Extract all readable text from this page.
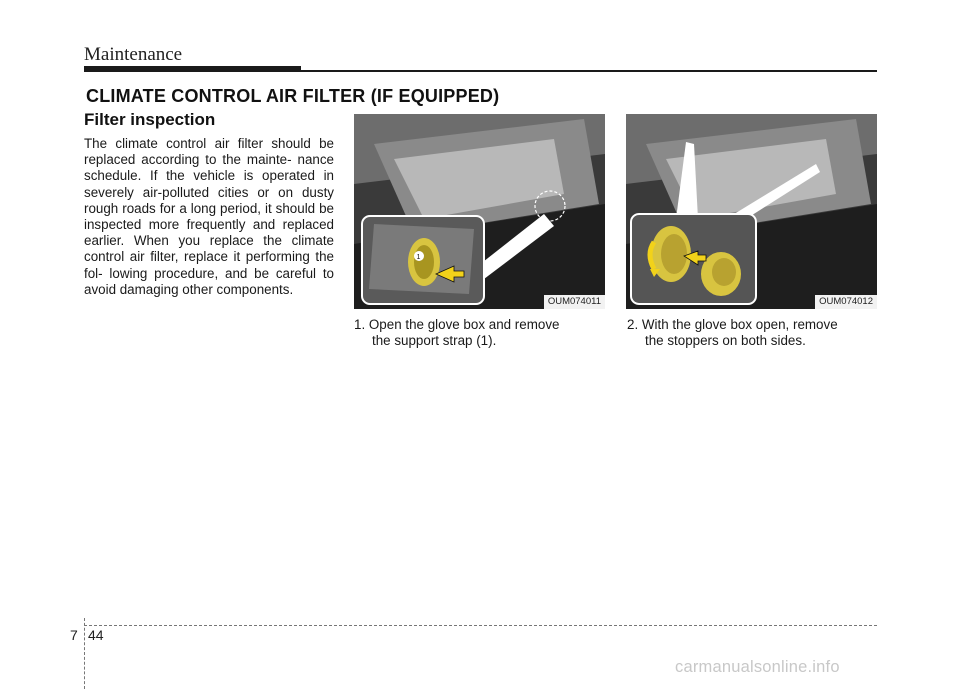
Maintenance
CLIMATE CONTROL AIR FILTER (IF EQUIPPED)
Filter inspection
The climate control air filter should be replaced according to the mainte- nance schedule. If the vehicle is operated in severely air-polluted cities or on dusty rough roads for a long period, it should be inspected more frequently and replaced earlier. When you replace the climate control air filter, replace it performing the fol- lowing procedure, and be careful to avoid damaging other components.
1
OUM074011	OUM074012
1. Open the glove box and remove
the support strap (1).
2. With the glove box open, remove
the stoppers on both sides.
7 44
carmanualsonline.info
